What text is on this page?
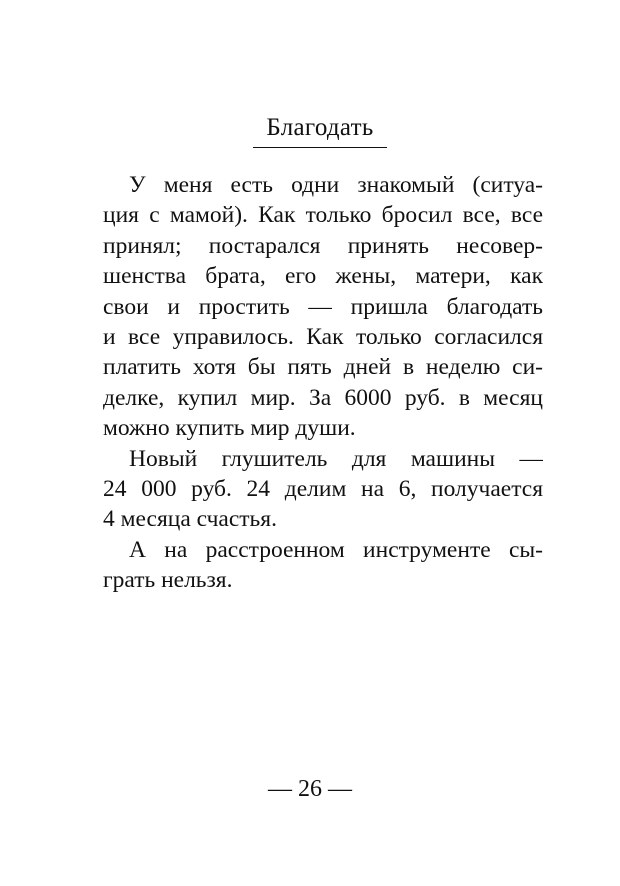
Благодать
У меня есть одни знакомый (ситуа-
ция с мамой). Как только бросил все, все
принял; постарался принять несовер-
шенства брата, его жены, матери, как
свои и простить — пришла благодать
и все управилось. Как только согласился
платить хотя бы пять дней в неделю си-
делке, купил мир. За 6000 руб. в месяц
можно купить мир души.
Новый глушитель для машины —
24 000 руб. 24 делим на 6, получается
4 месяца счастья.
А на расстроенном инструменте сы-
грать нельзя.
— 26 —
